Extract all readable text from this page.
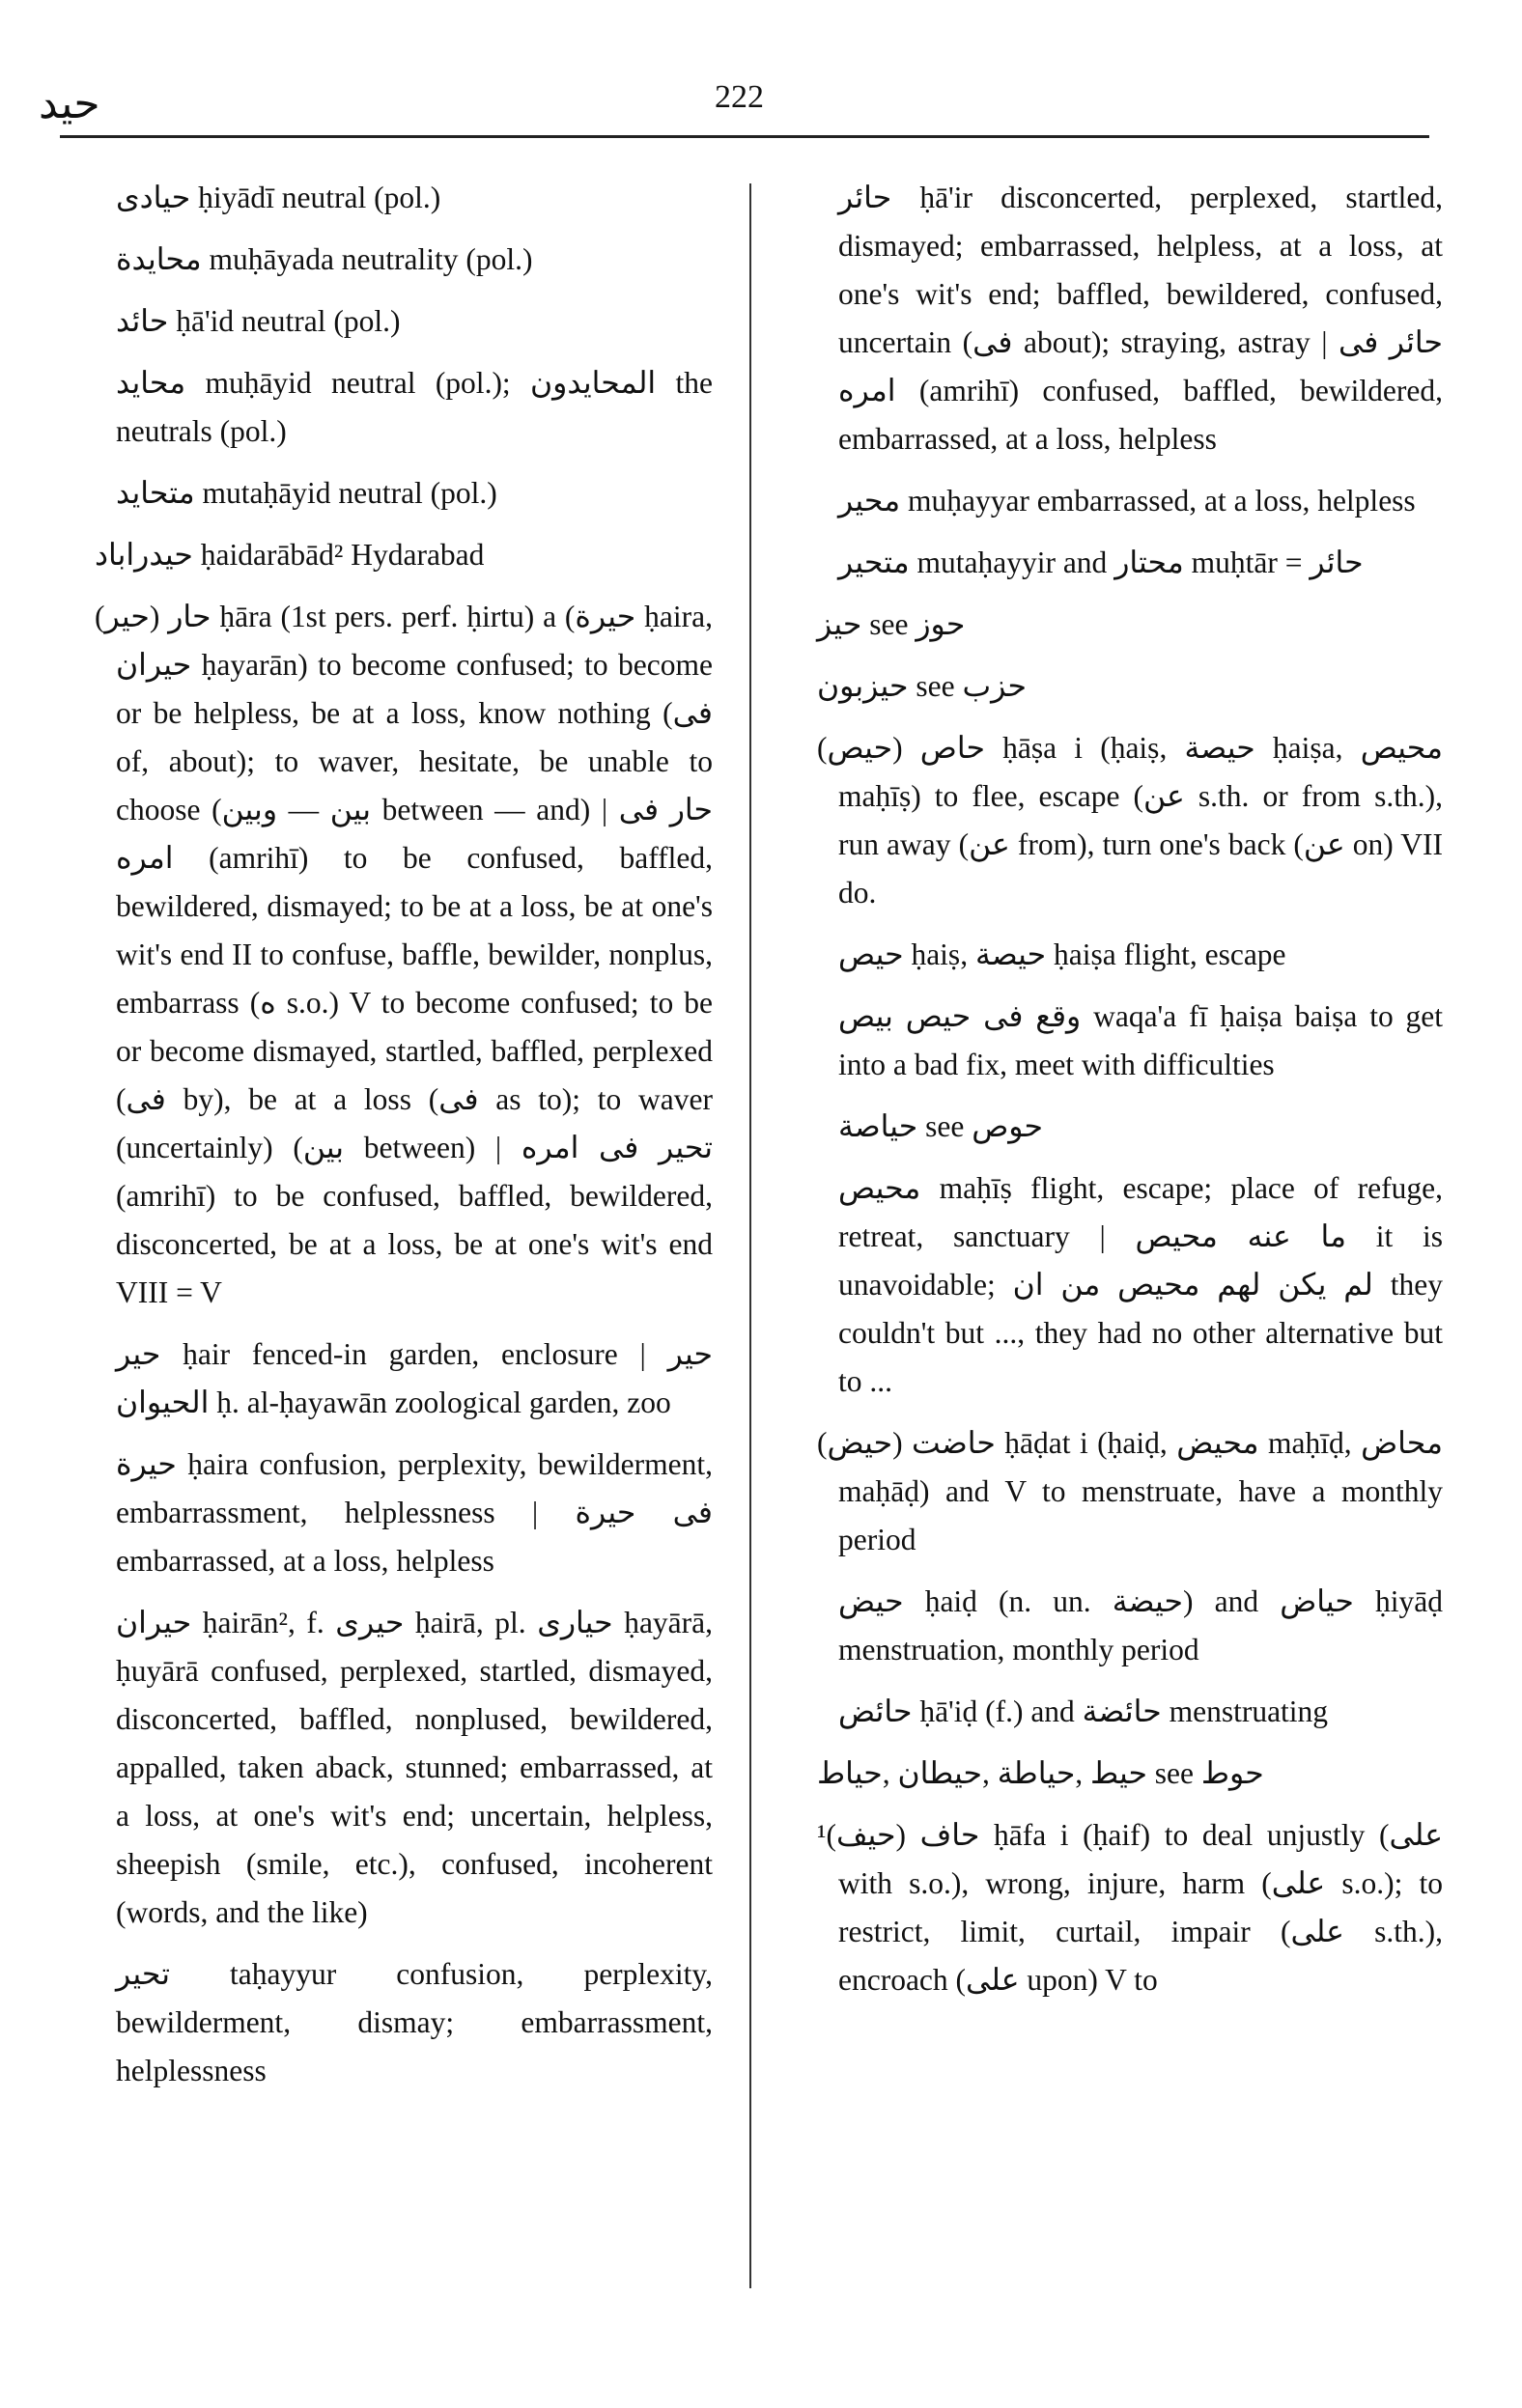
حيد	222

حيادى ḥiyādī neutral (pol.)

محايدة muḥāyada neutrality (pol.)

حائد ḥā'id neutral (pol.)

محايد muḥāyid neutral (pol.); المحايدون the neutrals (pol.)

متحايد mutaḥāyid neutral (pol.)

حيدراباد ḥaidarābād² Hydarabad

(حير) حار ḥāra (1st pers. perf. ḥirtu) a (حيرة ḥaira, حيران ḥayarān) to become confused; to become or be helpless, be at a loss, know nothing (فى of, about); to waver, hesitate, be unable to choose (بين — وبين between — and) | حار فى امره (amrihī) to be confused, baffled, bewildered, dismayed; to be at a loss, be at one's wit's end II to confuse, baffle, bewilder, nonplus, embarrass (ه s.o.) V to become confused; to be or become dismayed, startled, baffled, perplexed (فى by), be at a loss (فى as to); to waver (uncertainly) (بين between) | تحير فى امره (amrihī) to be confused, baffled, bewildered, disconcerted, be at a loss, be at one's wit's end VIII = V

حير ḥair fenced-in garden, enclosure | حير الحيوان ḥ. al-ḥayawān zoological garden, zoo

حيرة ḥaira confusion, perplexity, bewilderment, embarrassment, helplessness | فى حيرة embarrassed, at a loss, helpless

حيران ḥairān², f. حيرى ḥairā, pl. حيارى ḥayārā, ḥuyārā confused, perplexed, startled, dismayed, disconcerted, baffled, nonplused, bewildered, appalled, taken aback, stunned; embarrassed, at a loss, at one's wit's end; uncertain, helpless, sheepish (smile, etc.), confused, incoherent (words, and the like)

تحير taḥayyur confusion, perplexity, bewilderment, dismay; embarrassment, helplessness

حائر ḥā'ir disconcerted, perplexed, startled, dismayed; embarrassed, helpless, at a loss, at one's wit's end; baffled, bewildered, confused, uncertain (فى about); straying, astray | حائر فى امره (amrihī) confused, baffled, bewildered, embarrassed, at a loss, helpless

محير muḥayyar embarrassed, at a loss, helpless

متحير mutaḥayyir and محتار muḥtār = حائر

حيز see حوز

حيزبون see حزب

(حيص) حاص ḥāṣa i (ḥaiṣ, حيصة ḥaiṣa, محيص maḥīṣ) to flee, escape (عن s.th. or from s.th.), run away (عن from), turn one's back (عن on) VII do.

حيص ḥaiṣ, حيصة ḥaiṣa flight, escape

وقع فى حيص بيص waqa'a fī ḥaiṣa baiṣa to get into a bad fix, meet with difficulties

حياصة see حوص

محيص maḥīṣ flight, escape; place of refuge, retreat, sanctuary | ما عنه محيص it is unavoidable; لم يكن لهم محيص من ان they couldn't but ..., they had no other alternative but to ...

(حيض) حاضت ḥāḍat i (ḥaiḍ, محيض maḥīḍ, محاض maḥāḍ) and V to menstruate, have a monthly period

حيض ḥaiḍ (n. un. حيضة) and حياض ḥiyāḍ menstruation, monthly period

حائض ḥā'iḍ (f.) and حائضة menstruating

حيط ,حياطة ,حيطان ,حياط see حوط

¹(حيف) حاف ḥāfa i (ḥaif) to deal unjustly (على with s.o.), wrong, injure, harm (على s.o.); to restrict, limit, curtail, impair (على s.th.), encroach (على upon) V to
